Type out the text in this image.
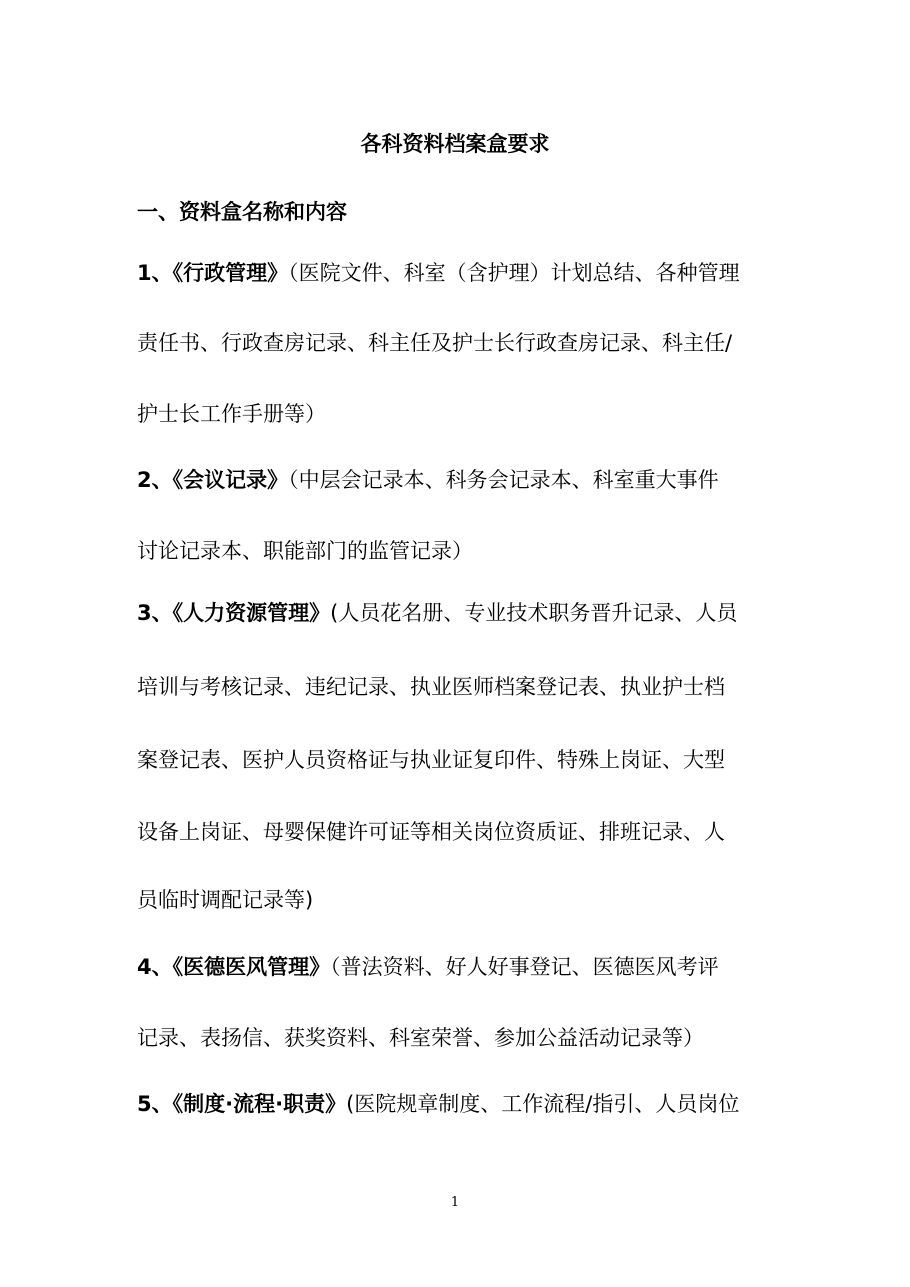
各科资料档案盒要求
一、资料盒名称和内容
1、《行政管理》（医院文件、科室（含护理）计划总结、各种管理
责任书、行政查房记录、科主任及护士长行政查房记录、科主任/
护士长工作手册等）
2、《会议记录》（中层会记录本、科务会记录本、科室重大事件
讨论记录本、职能部门的监管记录）
3、《人力资源管理》(人员花名册、专业技术职务晋升记录、人员
培训与考核记录、违纪记录、执业医师档案登记表、执业护士档
案登记表、医护人员资格证与执业证复印件、特殊上岗证、大型
设备上岗证、母婴保健许可证等相关岗位资质证、排班记录、人
员临时调配记录等)
4、《医德医风管理》（普法资料、好人好事登记、医德医风考评
记录、表扬信、获奖资料、科室荣誉、参加公益活动记录等）
5、《制度·流程·职责》(医院规章制度、工作流程/指引、人员岗位
1
